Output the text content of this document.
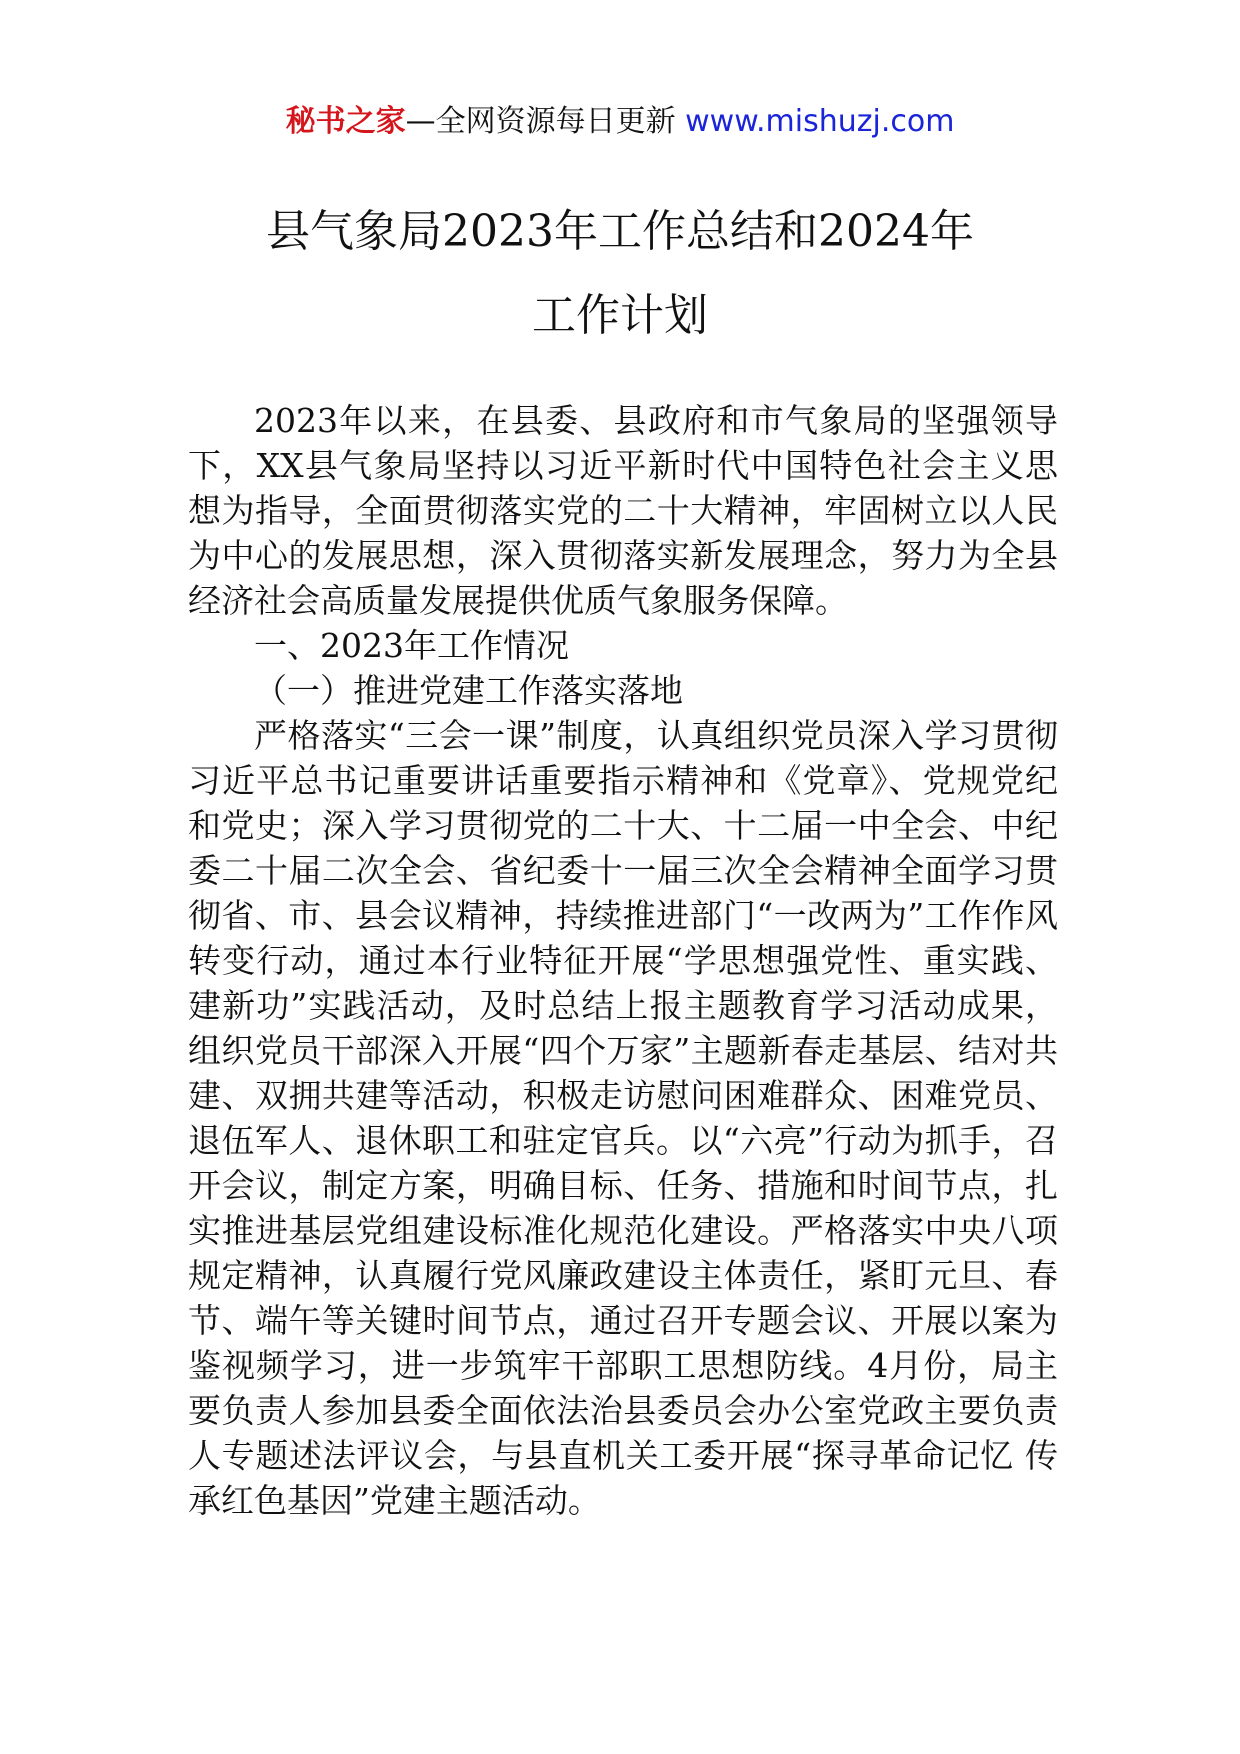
秘书之家—全网资源每日更新 www.mishuzj.com
县气象局2023年工作总结和2024年
工作计划

2023年以来，在县委、县政府和市气象局的坚强领导下，XX县气象局坚持以习近平新时代中国特色社会主义思想为指导，全面贯彻落实党的二十大精神，牢固树立以人民为中心的发展思想，深入贯彻落实新发展理念，努力为全县经济社会高质量发展提供优质气象服务保障。

一、2023年工作情况

（一）推进党建工作落实落地

严格落实“三会一课”制度，认真组织党员深入学习贯彻习近平总书记重要讲话重要指示精神和《党章》、党规党纪和党史；深入学习贯彻党的二十大、十二届一中全会、中纪委二十届二次全会、省纪委十一届三次全会精神全面学习贯彻省、市、县会议精神，持续推进部门“一改两为”工作作风转变行动，通过本行业特征开展“学思想强党性、重实践、建新功”实践活动，及时总结上报主题教育学习活动成果，组织党员干部深入开展“四个万家”主题新春走基层、结对共建、双拥共建等活动，积极走访慰问困难群众、困难党员、退伍军人、退休职工和驻定官兵。以“六亮”行动为抓手，召开会议，制定方案，明确目标、任务、措施和时间节点，扎实推进基层党组建设标准化规范化建设。严格落实中央八项规定精神，认真履行党风廉政建设主体责任，紧盯元旦、春节、端午等关键时间节点，通过召开专题会议、开展以案为鉴视频学习，进一步筑牢干部职工思想防线。4月份，局主要负责人参加县委全面依法治县委员会办公室党政主要负责人专题述法评议会，与县直机关工委开展“探寻革命记忆 传承红色基因”党建主题活动。
